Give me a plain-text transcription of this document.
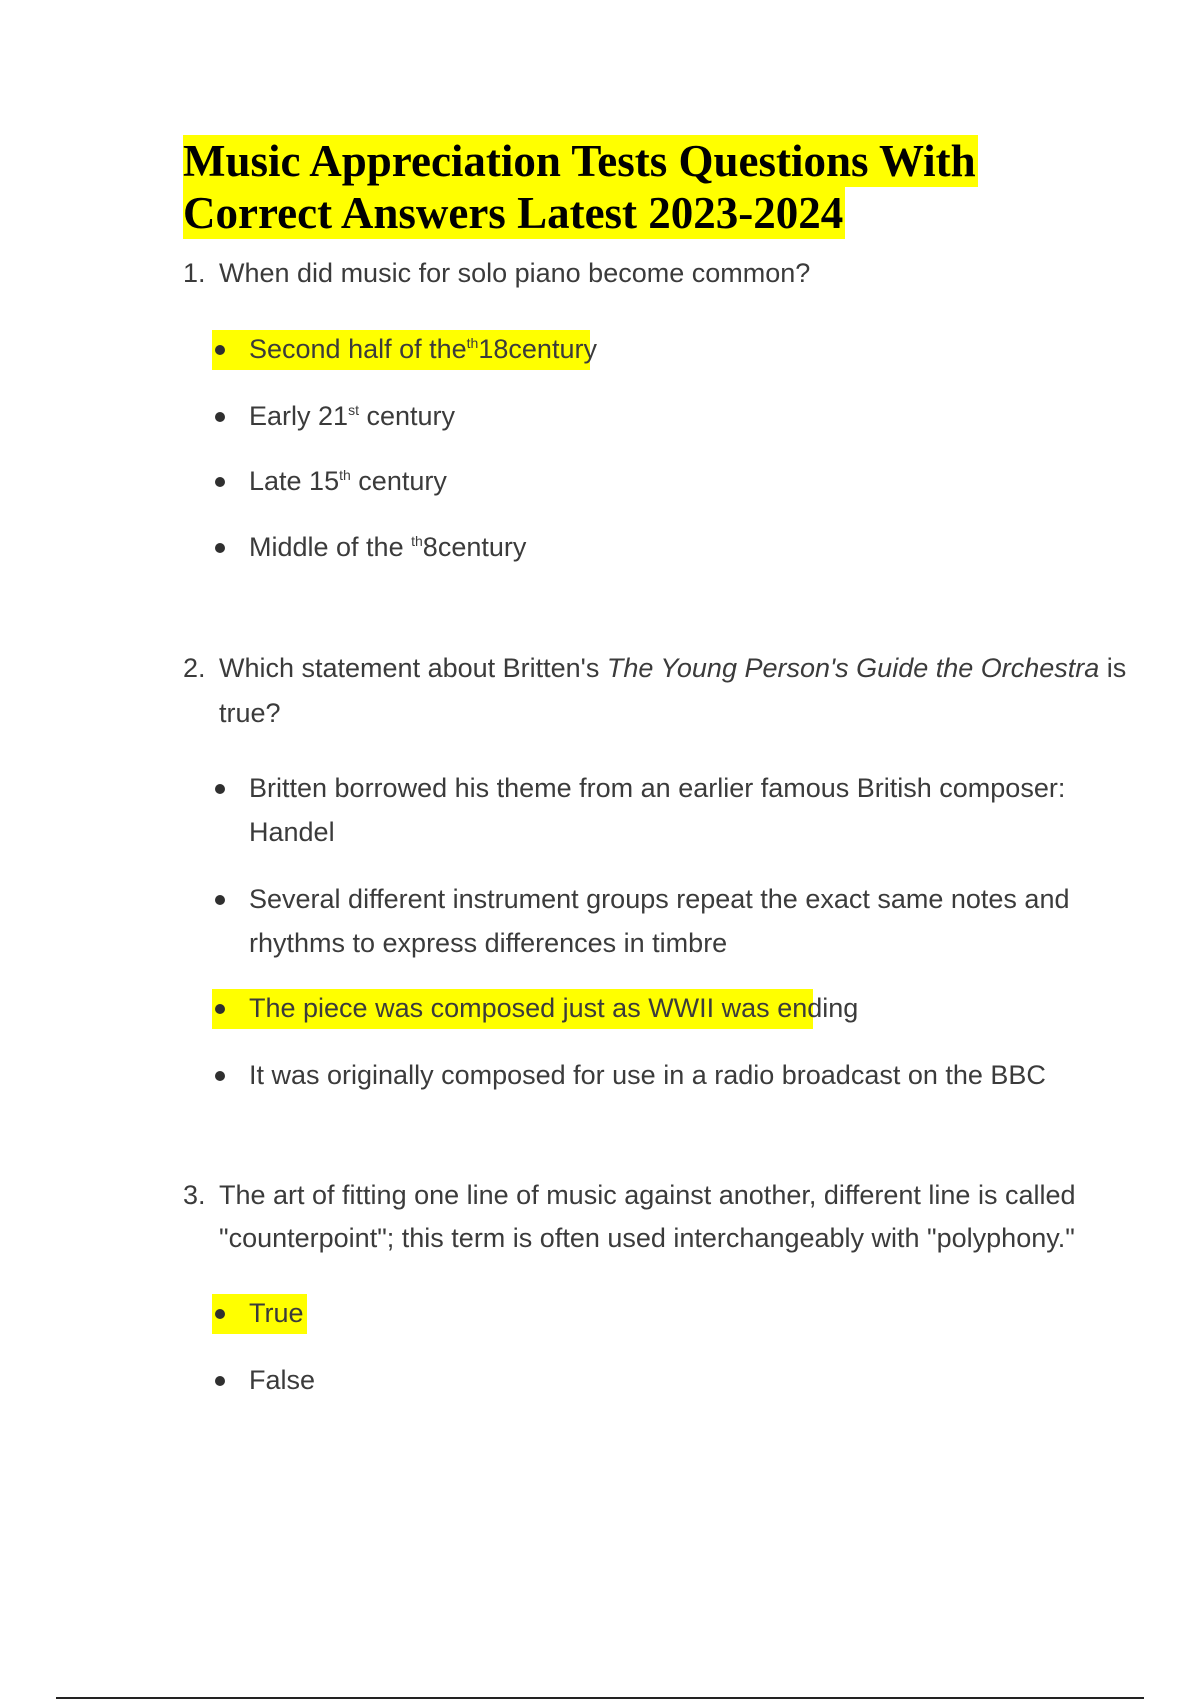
Music Appreciation Tests Questions With
Correct Answers Latest 2023-2024
1. When did music for solo piano become common?
Second half of the$^{th}$18century
Early 21st century
Late 15th century
Middle of the $^{th}$8century
2. Which statement about Britten's The Young Person's Guide the Orchestra is
true?
Britten borrowed his theme from an earlier famous British composer:
Handel
Several different instrument groups repeat the exact same notes and
rhythms to express differences in timbre
The piece was composed just as WWII was ending
It was originally composed for use in a radio broadcast on the BBC
3. The art of fitting one line of music against another, different line is called
"counterpoint"; this term is often used interchangeably with "polyphony."
True
False
